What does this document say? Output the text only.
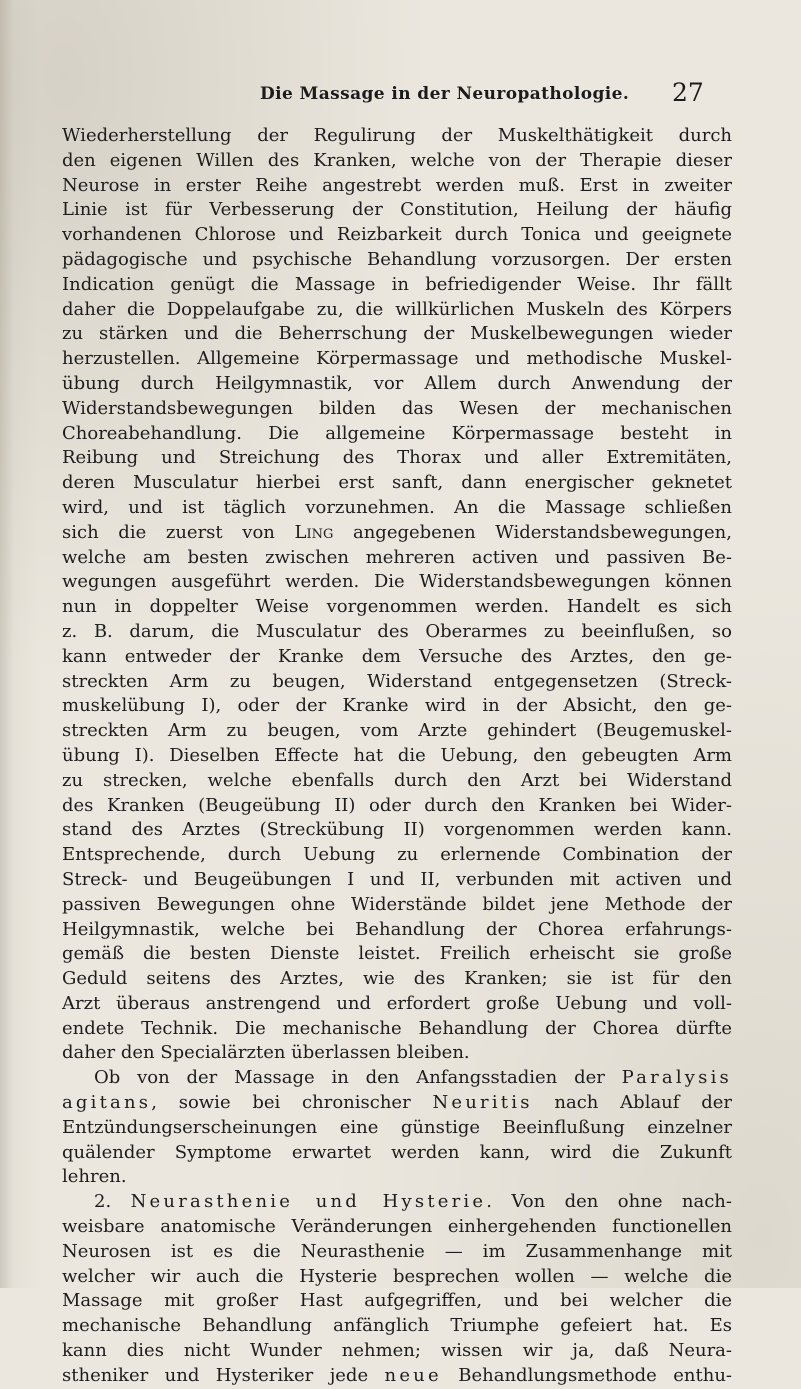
Die Massage in der Neuropathologie. 27
Wiederherstellung der Regulirung der Muskelthätigkeit durch
den eigenen Willen des Kranken, welche von der Therapie dieser
Neurose in erster Reihe angestrebt werden muß. Erst in zweiter
Linie ist für Verbesserung der Constitution, Heilung der häufig
vorhandenen Chlorose und Reizbarkeit durch Tonica und geeignete
pädagogische und psychische Behandlung vorzusorgen. Der ersten
Indication genügt die Massage in befriedigender Weise. Ihr fällt
daher die Doppelaufgabe zu, die willkürlichen Muskeln des Körpers
zu stärken und die Beherrschung der Muskelbewegungen wieder
herzustellen. Allgemeine Körpermassage und methodische Muskel-
übung durch Heilgymnastik, vor Allem durch Anwendung der
Widerstandsbewegungen bilden das Wesen der mechanischen
Choreabehandlung. Die allgemeine Körpermassage besteht in
Reibung und Streichung des Thorax und aller Extremitäten,
deren Musculatur hierbei erst sanft, dann energischer geknetet
wird, und ist täglich vorzunehmen. An die Massage schließen
sich die zuerst von Ling angegebenen Widerstandsbewegungen,
welche am besten zwischen mehreren activen und passiven Be-
wegungen ausgeführt werden. Die Widerstandsbewegungen können
nun in doppelter Weise vorgenommen werden. Handelt es sich
z. B. darum, die Musculatur des Oberarmes zu beeinflußen, so
kann entweder der Kranke dem Versuche des Arztes, den ge-
streckten Arm zu beugen, Widerstand entgegensetzen (Streck-
muskelübung I), oder der Kranke wird in der Absicht, den ge-
streckten Arm zu beugen, vom Arzte gehindert (Beugemuskel-
übung I). Dieselben Effecte hat die Uebung, den gebeugten Arm
zu strecken, welche ebenfalls durch den Arzt bei Widerstand
des Kranken (Beugeübung II) oder durch den Kranken bei Wider-
stand des Arztes (Streckübung II) vorgenommen werden kann.
Entsprechende, durch Uebung zu erlernende Combination der
Streck- und Beugeübungen I und II, verbunden mit activen und
passiven Bewegungen ohne Widerstände bildet jene Methode der
Heilgymnastik, welche bei Behandlung der Chorea erfahrungs-
gemäß die besten Dienste leistet. Freilich erheischt sie große
Geduld seitens des Arztes, wie des Kranken; sie ist für den
Arzt überaus anstrengend und erfordert große Uebung und voll-
endete Technik. Die mechanische Behandlung der Chorea dürfte
daher den Specialärzten überlassen bleiben.
Ob von der Massage in den Anfangsstadien der Paralysis
agitans, sowie bei chronischer Neuritis nach Ablauf der
Entzündungserscheinungen eine günstige Beeinflußung einzelner
quälender Symptome erwartet werden kann, wird die Zukunft
lehren.
2. Neurasthenie und Hysterie. Von den ohne nach-
weisbare anatomische Veränderungen einhergehenden functionellen
Neurosen ist es die Neurasthenie — im Zusammenhange mit
welcher wir auch die Hysterie besprechen wollen — welche die
Massage mit großer Hast aufgegriffen, und bei welcher die
mechanische Behandlung anfänglich Triumphe gefeiert hat. Es
kann dies nicht Wunder nehmen; wissen wir ja, daß Neura-
stheniker und Hysteriker jede neue Behandlungsmethode enthu-
